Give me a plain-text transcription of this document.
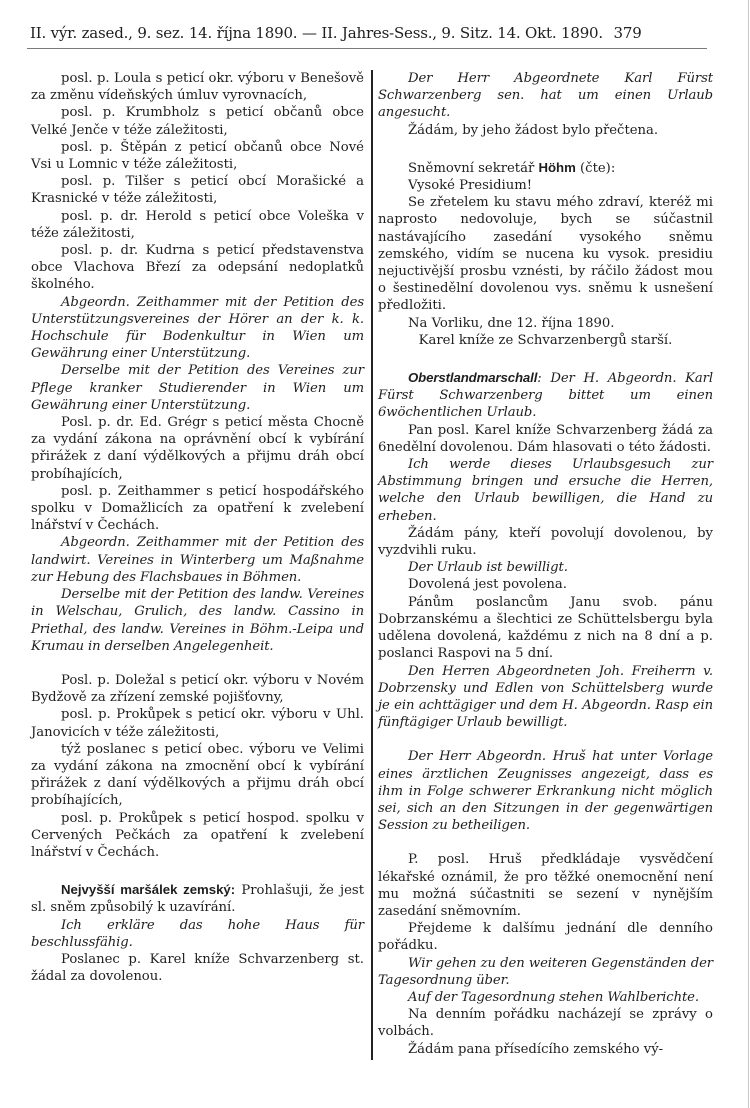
II. výr. zased., 9. sez. 14. října 1890. — II. Jahres-Sess., 9. Sitz. 14. Okt. 1890. 379

posl. p. Loula s peticí okr. výboru v Benešově za změnu vídeňských úmluv vyrovnacích,

posl. p. Krumbholz s peticí občanů obce Velké Jenče v téže záležitosti,

posl. p. Štěpán z peticí občanů obce Nové Vsi u Lomnic v téže záležitosti,

posl. p. Tilšer s peticí obcí Morašické a Krasnické v téže záležitosti,

posl. p. dr. Herold s peticí obce Voleška v téže záležitosti,

posl. p. dr. Kudrna s peticí představenstva obce Vlachova Březí za odepsání nedoplatků školného.

Abgeordn. Zeithammer mit der Petition des Unterstützungsvereines der Hörer an der k. k. Hochschule für Bodenkultur in Wien um Gewährung einer Unterstützung.

Derselbe mit der Petition des Vereines zur Pflege kranker Studierender in Wien um Gewährung einer Unterstützung.

Posl. p. dr. Ed. Grégr s peticí města Chocně za vydání zákona na oprávnění obcí k vybírání přirážek z daní výdělkových a přijmu dráh obcí probíhajících,

posl. p. Zeithammer s peticí hospodářského spolku v Domažlicích za opatření k zvelebení lnářství v Čechách.

Abgeordn. Zeithammer mit der Petition des landwirt. Vereines in Winterberg um Maßnahme zur Hebung des Flachsbaues in Böhmen.

Derselbe mit der Petition des landw. Vereines in Welschau, Grulich, des landw. Cassino in Priethal, des landw. Vereines in Böhm.-Leipa und Krumau in derselben Angelegenheit.

Posl. p. Doležal s peticí okr. výboru v Novém Bydžově za zřízení zemské pojišťovny,

posl. p. Prokůpek s peticí okr. výboru v Uhl. Janovicích v téže záležitosti,

týž poslanec s peticí obec. výboru ve Velimi za vydání zákona na zmocnění obcí k vybírání přirážek z daní výdělkových a přijmu dráh obcí probíhajících,

posl. p. Prokůpek s peticí hospod. spolku v Cervených Pečkách za opatření k zvelebení lnářství v Čechách.

Nejvyšší maršálek zemský: Prohlašuji, že jest sl. sněm způsobilý k uzavírání.

Ich erkläre das hohe Haus für beschlussfähig.

Poslanec p. Karel kníže Schvarzenberg st. žádal za dovolenou.

Der Herr Abgeordnete Karl Fürst Schwarzenberg sen. hat um einen Urlaub angesucht.

Žádám, by jeho žádost bylo přečtena.

Sněmovní sekretář Höhm (čte):

Vysoké Presidium!

Se zřetelem ku stavu mého zdraví, kteréž mi naprosto nedovoluje, bych se súčastnil nastávajícího zasedání vysokého sněmu zemského, vidím se nucena ku vysok. presidiu nejuctivější prosbu vznésti, by ráčilo žádost mou o šestinedělní dovolenou vys. sněmu k usnešení předložiti.

Na Vorliku, dne 12. října 1890.

Karel kníže ze Schvarzenbergů starší.

Oberstlandmarschall: Der H. Abgeordn. Karl Fürst Schwarzenberg bittet um einen 6wöchentlichen Urlaub.

Pan posl. Karel kníže Schvarzenberg žádá za 6nedělní dovolenou. Dám hlasovati o této žádosti.

Ich werde dieses Urlaubsgesuch zur Abstimmung bringen und ersuche die Herren, welche den Urlaub bewilligen, die Hand zu erheben.

Žádám pány, kteří povolují dovolenou, by vyzdvihli ruku.

Der Urlaub ist bewilligt.

Dovolená jest povolena.

Pánům poslancům Janu svob. pánu Dobrzanskému a šlechtici ze Schüttelsbergu byla udělena dovolená, každému z nich na 8 dní a p. poslanci Raspovi na 5 dní.

Den Herren Abgeordneten Joh. Freiherrn v. Dobrzensky und Edlen von Schüttelsberg wurde je ein achttägiger und dem H. Abgeordn. Rasp ein fünftägiger Urlaub bewilligt.

Der Herr Abgeordn. Hruš hat unter Vorlage eines ärztlichen Zeugnisses angezeigt, dass es ihm in Folge schwerer Erkrankung nicht möglich sei, sich an den Sitzungen in der gegenwärtigen Session zu betheiligen.

P. posl. Hruš předkládaje vysvědčení lékařské oznámil, že pro těžké onemocnění není mu možná súčastniti se sezení v nynějším zasedání sněmovním.

Přejdeme k dalšímu jednání dle denního pořádku.

Wir gehen zu den weiteren Gegenständen der Tagesordnung über.

Auf der Tagesordnung stehen Wahlberichte.

Na denním pořádku nacházejí se zprávy o volbách.

Žádám pana přísedícího zemského vý-
